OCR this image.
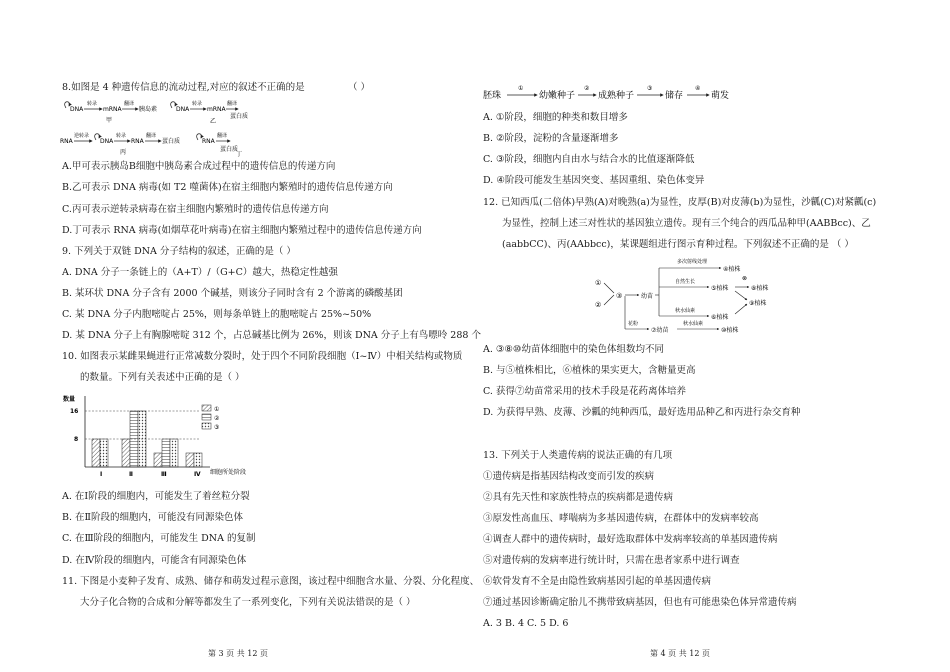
8.如图是 4 种遗传信息的流动过程,对应的叙述不正确的是	（ ）
DNA
转录
mRNA
翻译
胰岛素
甲
DNA
转录
mRNA
翻译
蛋白质
乙
RNA
逆转录
DNA
转录
RNA
翻译
蛋白质
丙
RNA
翻译
蛋白质
丁
A.甲可表示胰岛B细胞中胰岛素合成过程中的遗传信息的传递方向
B.乙可表示 DNA 病毒(如 T2 噬菌体)在宿主细胞内繁殖时的遗传信息传递方向
C.丙可表示逆转录病毒在宿主细胞内繁殖时的遗传信息传递方向
D.丁可表示 RNA 病毒(如烟草花叶病毒)在宿主细胞内繁殖过程中的遗传信息传递方向
9. 下列关于双链 DNA 分子结构的叙述，正确的是（ ）
A. DNA 分子一条链上的（A+T）/（G+C）越大，热稳定性越强
B. 某环状 DNA 分子含有 2000 个碱基，则该分子同时含有 2 个游离的磷酸基团
C. 某 DNA 分子内胞嘧啶占 25%，则每条单链上的胞嘧啶占 25%~50%
D. 某 DNA 分子上有胸腺嘧啶 312 个，占总碱基比例为 26%，则该 DNA 分子上有鸟嘌呤 288 个
10. 如图表示某雌果蝇进行正常减数分裂时，处于四个不同阶段细胞（Ⅰ~Ⅳ）中相关结构或物质
的数量。下列有关表述中正确的是（ ）
数量
16
8
细胞所处阶段
Ⅰ	Ⅱ	Ⅲ	Ⅳ
①
②
③
A. 在Ⅰ阶段的细胞内，可能发生了着丝粒分裂
B. 在Ⅱ阶段的细胞内，可能没有同源染色体
C. 在Ⅲ阶段的细胞内，可能发生 DNA 的复制
D. 在Ⅳ阶段的细胞内，可能含有同源染色体
11. 下图是小麦种子发育、成熟、储存和萌发过程示意图，该过程中细胞含水量、分裂、分化程度、
大分子化合物的合成和分解等都发生了一系列变化，下列有关说法错误的是（ ）
第 3 页 共 12 页
胚珠
①
幼嫩种子
②
成熟种子
③
储存
④
萌发
A. ①阶段，细胞的种类和数目增多
B. ②阶段，淀粉的含量逐渐增多
C. ③阶段，细胞内自由水与结合水的比值逐渐降低
D. ④阶段可能发生基因突变、基因重组、染色体变异
12. 已知西瓜(二倍体)早熟(A)对晚熟(a)为显性，皮厚(B)对皮薄(b)为显性，沙瓤(C)对紧瓤(c)
为显性，控制上述三对性状的基因独立遗传。现有三个纯合的西瓜品种甲(AABBcc)、乙
(aabbCC)、丙(AAbbcc)，某课题组进行图示育种过程。下列叙述不正确的是 （ ）
①
②
③	幼苗
多次射线处理
④植株
自然生长
⑤植株
⊗
⑧植株
秋水仙素
⑥植株
⑨植株
花粉
⑦幼苗
秋水仙素
⑩植株
A. ③⑧⑩幼苗体细胞中的染色体组数均不同
B. 与⑤植株相比，⑥植株的果实更大，含糖量更高
C. 获得⑦幼苗常采用的技术手段是花药离体培养
D. 为获得早熟、皮薄、沙瓤的纯种西瓜，最好选用品种乙和丙进行杂交育种
13. 下列关于人类遗传病的说法正确的有几项
①遗传病是指基因结构改变而引发的疾病
②具有先天性和家族性特点的疾病都是遗传病
③原发性高血压、哮喘病为多基因遗传病，在群体中的发病率较高
④调查人群中的遗传病时，最好选取群体中发病率较高的单基因遗传病
⑤对遗传病的发病率进行统计时，只需在患者家系中进行调查
⑥软骨发育不全是由隐性致病基因引起的单基因遗传病
⑦通过基因诊断确定胎儿不携带致病基因，但也有可能患染色体异常遗传病
A. 3 B. 4 C. 5 D. 6
第 4 页 共 12 页
